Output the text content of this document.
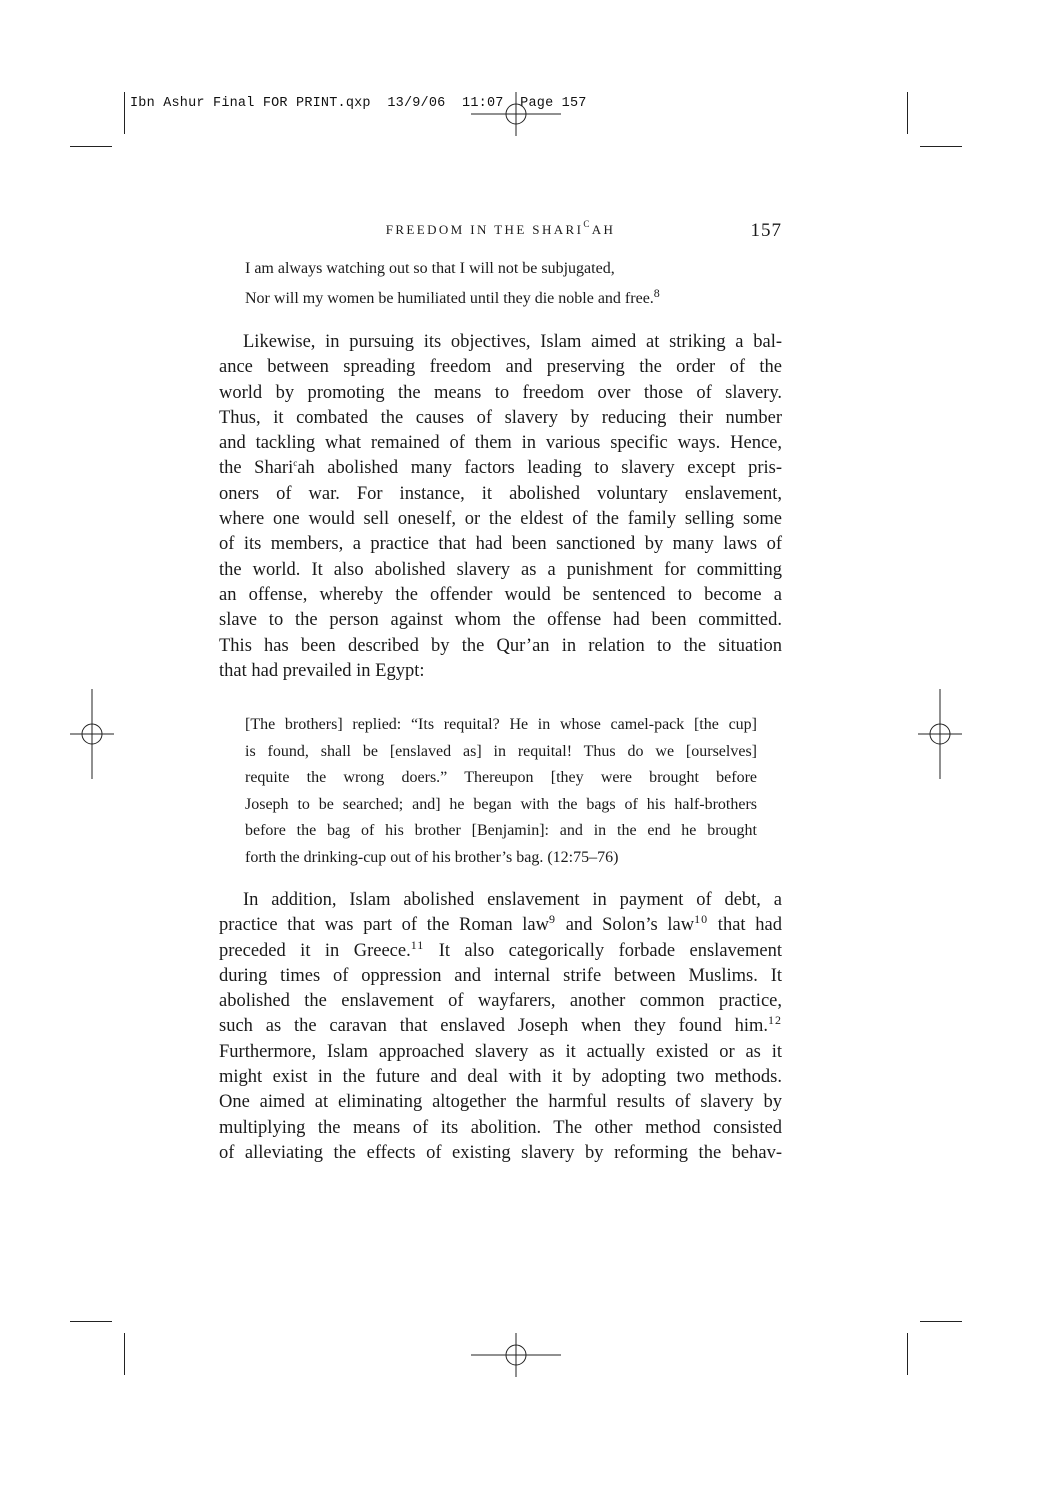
Ibn Ashur Final FOR PRINT.qxp  13/9/06  11:07  Page 157
FREEDOM IN THE $SHARI^CAH$	157

I am always watching out so that I will not be subjugated,

Nor will my women be humiliated until they die noble and free.$^8$

Likewise, in pursuing its objectives, Islam aimed at striking a bal-
ance between spreading freedom and preserving the order of the
world by promoting the means to freedom over those of slavery.
Thus, it combated the causes of slavery by reducing their number
and tackling what remained of them in various specific ways. Hence,
the Shari$^c$ah abolished many factors leading to slavery except pris-
oners of war. For instance, it abolished voluntary enslavement,
where one would sell oneself, or the eldest of the family selling some
of its members, a practice that had been sanctioned by many laws of
the world. It also abolished slavery as a punishment for committing
an offense, whereby the offender would be sentenced to become a
slave to the person against whom the offense had been committed.
This has been described by the Qur’an in relation to the situation
that had prevailed in Egypt:
[The brothers] replied: “Its requital? He in whose camel-pack [the cup]
is found, shall be [enslaved as] in requital! Thus do we [ourselves]
requite the wrong doers.” Thereupon [they were brought before
Joseph to be searched; and] he began with the bags of his half-brothers
before the bag of his brother [Benjamin]: and in the end he brought
forth the drinking-cup out of his brother’s bag. (12:75–76)
In addition, Islam abolished enslavement in payment of debt, a
practice that was part of the Roman law$^9$ and Solon’s law$^{10}$ that had
preceded it in Greece.$^{11}$ It also categorically forbade enslavement
during times of oppression and internal strife between Muslims. It
abolished the enslavement of wayfarers, another common practice,
such as the caravan that enslaved Joseph when they found him.$^{12}$
Furthermore, Islam approached slavery as it actually existed or as it
might exist in the future and deal with it by adopting two methods.
One aimed at eliminating altogether the harmful results of slavery by
multiplying the means of its abolition. The other method consisted
of alleviating the effects of existing slavery by reforming the behav-
